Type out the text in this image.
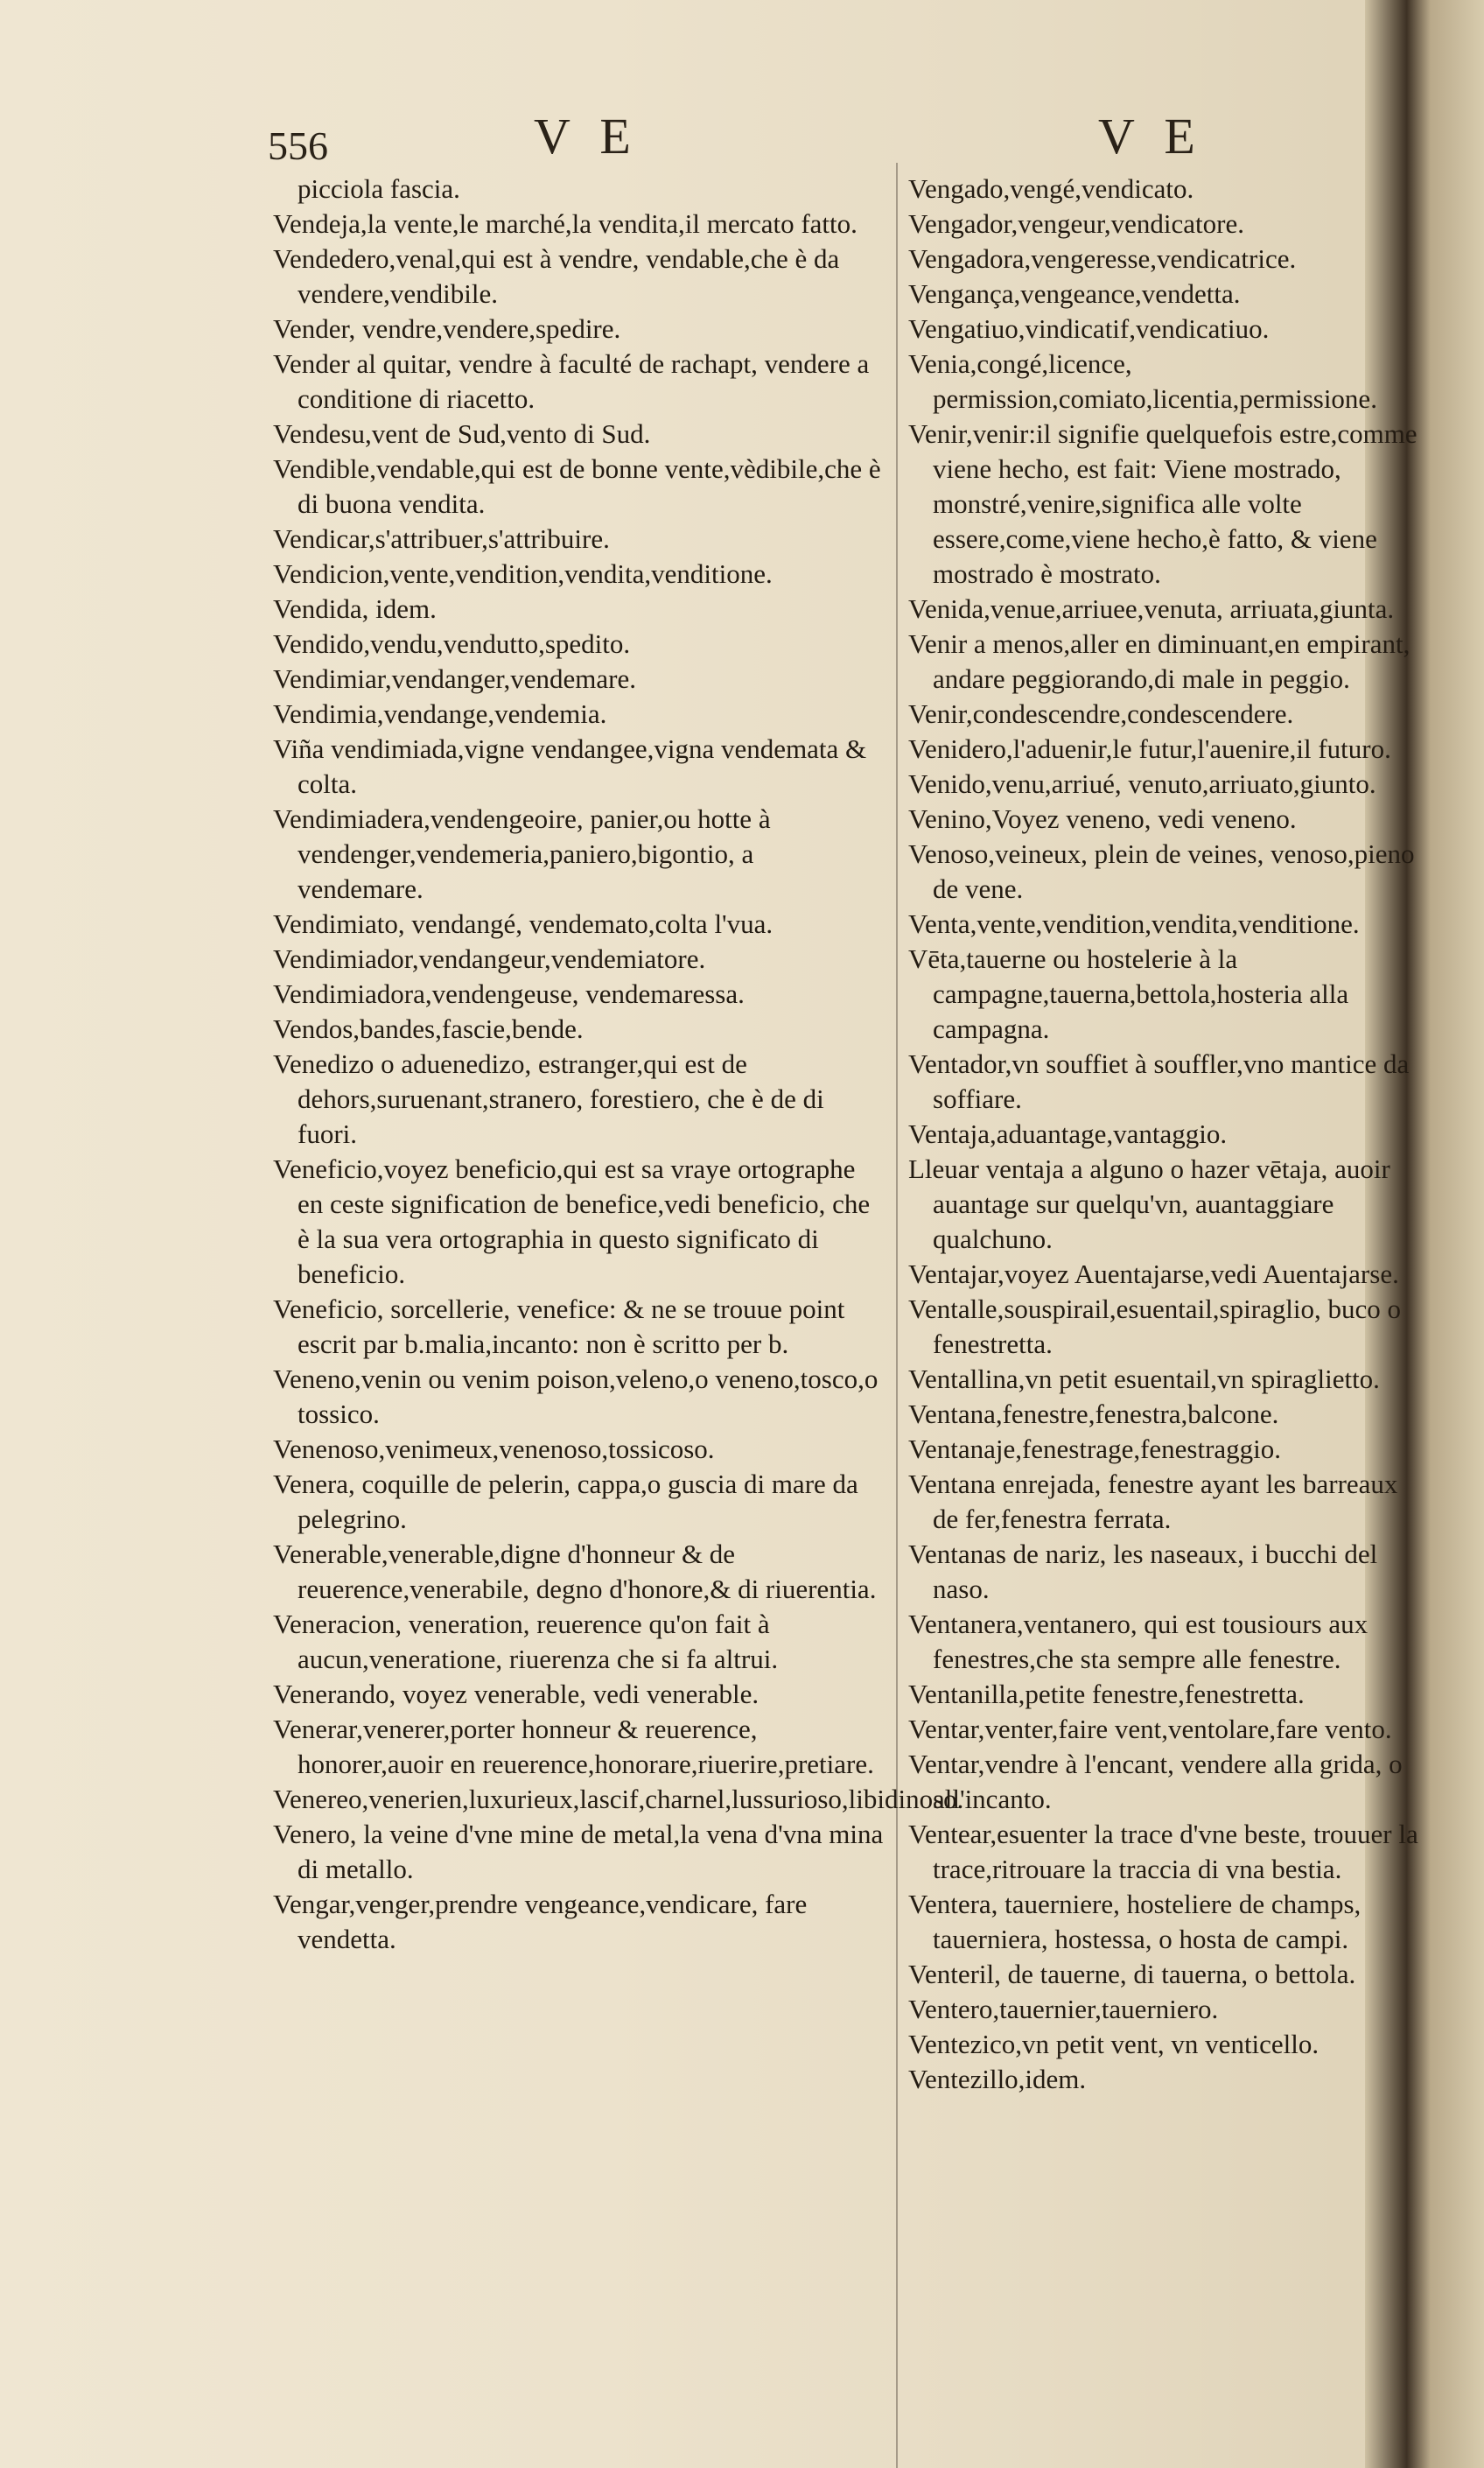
556	V E	V E

picciola fascia.

Vendeja,la vente,le marché,la vendita,il mercato fatto.

Vendedero,venal,qui est à vendre, vendable,che è da vendere,vendibile.

Vender, vendre,vendere,spedire.

Vender al quitar, vendre à faculté de rachapt, vendere a conditione di riacetto.

Vendesu,vent de Sud,vento di Sud.

Vendible,vendable,qui est de bonne vente,vèdibile,che è di buona vendita.

Vendicar,s'attribuer,s'attribuire.

Vendicion,vente,vendition,vendita,venditione.

Vendida, idem.

Vendido,vendu,vendutto,spedito.

Vendimiar,vendanger,vendemare.

Vendimia,vendange,vendemia.

Viña vendimiada,vigne vendangee,vigna vendemata & colta.

Vendimiadera,vendengeoire, panier,ou hotte à vendenger,vendemeria,paniero,bigontio, a vendemare.

Vendimiato, vendangé, vendemato,colta l'vua.

Vendimiador,vendangeur,vendemiatore.

Vendimiadora,vendengeuse, vendemaressa.

Vendos,bandes,fascie,bende.

Venedizo o aduenedizo, estranger,qui est de dehors,suruenant,stranero, forestiero, che è de di fuori.

Veneficio,voyez beneficio,qui est sa vraye ortographe en ceste signification de benefice,vedi beneficio, che è la sua vera ortographia in questo significato di beneficio.

Veneficio, sorcellerie, venefice: & ne se trouue point escrit par b.malia,incanto: non è scritto per b.

Veneno,venin ou venim poison,veleno,o veneno,tosco,o tossico.

Venenoso,venimeux,venenoso,tossicoso.

Venera, coquille de pelerin, cappa,o guscia di mare da pelegrino.

Venerable,venerable,digne d'honneur & de reuerence,venerabile, degno d'honore,& di riuerentia.

Veneracion, veneration, reuerence qu'on fait à aucun,veneratione, riuerenza che si fa altrui.

Venerando, voyez venerable, vedi venerable.

Venerar,venerer,porter honneur & reuerence, honorer,auoir en reuerence,honorare,riuerire,pretiare.

Venereo,venerien,luxurieux,lascif,charnel,lussurioso,libidinoso.

Venero, la veine d'vne mine de metal,la vena d'vna mina di metallo.

Vengar,venger,prendre vengeance,vendicare, fare vendetta.

Vengado,vengé,vendicato.

Vengador,vengeur,vendicatore.

Vengadora,vengeresse,vendicatrice.

Vengança,vengeance,vendetta.

Vengatiuo,vindicatif,vendicatiuo.

Venia,congé,licence, permission,comiato,licentia,permissione.

Venir,venir:il signifie quelquefois estre,comme viene hecho, est fait: Viene mostrado, monstré,venire,significa alle volte essere,come,viene hecho,è fatto, & viene mostrado è mostrato.

Venida,venue,arriuee,venuta, arriuata,giunta.

Venir a menos,aller en diminuant,en empirant, andare peggiorando,di male in peggio.

Venir,condescendre,condescendere.

Venidero,l'aduenir,le futur,l'auenire,il futuro.

Venido,venu,arriué, venuto,arriuato,giunto.

Venino,Voyez veneno, vedi veneno.

Venoso,veineux, plein de veines, venoso,pieno de vene.

Venta,vente,vendition,vendita,venditione.

Vēta,tauerne ou hostelerie à la campagne,tauerna,bettola,hosteria alla campagna.

Ventador,vn souffiet à souffler,vno mantice da soffiare.

Ventaja,aduantage,vantaggio.

Lleuar ventaja a alguno o hazer vētaja, auoir auantage sur quelqu'vn, auantaggiare qualchuno.

Ventajar,voyez Auentajarse,vedi Auentajarse.

Ventalle,souspirail,esuentail,spiraglio, buco o fenestretta.

Ventallina,vn petit esuentail,vn spiraglietto.

Ventana,fenestre,fenestra,balcone.

Ventanaje,fenestrage,fenestraggio.

Ventana enrejada, fenestre ayant les barreaux de fer,fenestra ferrata.

Ventanas de nariz, les naseaux, i bucchi del naso.

Ventanera,ventanero, qui est tousiours aux fenestres,che sta sempre alle fenestre.

Ventanilla,petite fenestre,fenestretta.

Ventar,venter,faire vent,ventolare,fare vento.

Ventar,vendre à l'encant, vendere alla grida, o all'incanto.

Ventear,esuenter la trace d'vne beste, trouuer la trace,ritrouare la traccia di vna bestia.

Ventera, tauerniere, hosteliere de champs, tauerniera, hostessa, o hosta de campi.

Venteril, de tauerne, di tauerna, o bettola.

Ventero,tauernier,tauerniero.

Ventezico,vn petit vent, vn venticello.

Ventezillo,idem.
